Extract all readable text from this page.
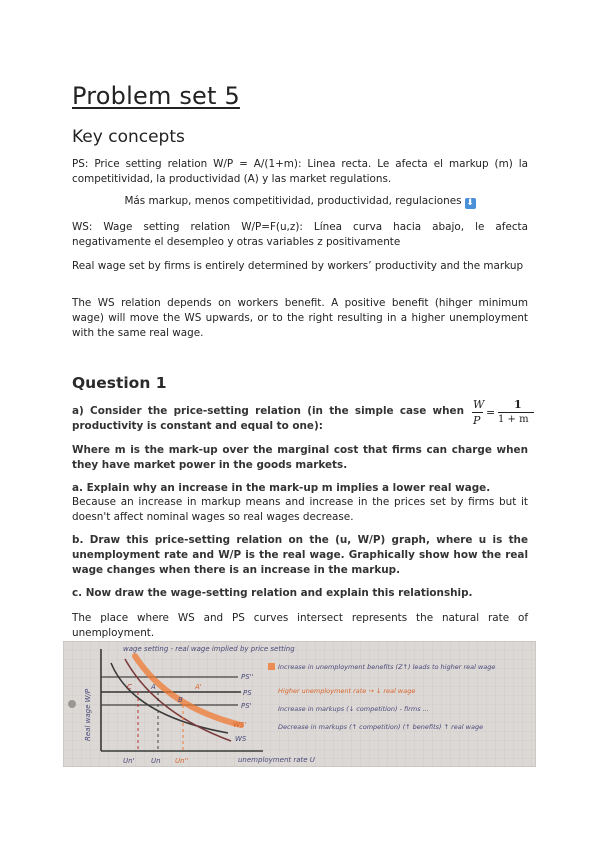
Problem set 5
Key concepts
PS: Price setting relation W/P = A/(1+m): Linea recta. Le afecta el markup (m) la competitividad, la productividad (A) y las market regulations.
Más markup, menos competitividad, productividad, regulaciones ⬇
WS: Wage setting relation W/P=F(u,z): Línea curva hacia abajo, le afecta negativamente el desempleo y otras variables z positivamente
Real wage set by firms is entirely determined by workers’ productivity and the markup
The WS relation depends on workers benefit. A positive benefit (hihger minimum wage) will move the WS upwards, or to the right resulting in a higher unemployment with the same real wage.
Question 1
a) Consider the price-setting relation (in the simple case when productivity is constant and equal to one):
W
P
=
1
1 + m
Where m is the mark-up over the marginal cost that firms can charge when they have market power in the goods markets.
a. Explain why an increase in the mark-up m implies a lower real wage.
Because an increase in markup means and increase in the prices set by firms but it doesn't affect nominal wages so real wages decrease.
b. Draw this price-setting relation on the (u, W/P) graph, where u is the unemployment rate and W/P is the real wage. Graphically show how the real wage changes when there is an increase in the markup.
c. Now draw the wage-setting relation and explain this relationship.
The place where WS and PS curves intersect represents the natural rate of unemployment.
wage setting - real wage implied by price setting
Real wage W/P
unemployment rate U
Un' Un Un''
PS''
PS
PS'
WS'
WS
C	A
B
A'
Increase in unemployment benefits (Z↑) leads to higher real wage
Higher unemployment rate → ↓ real wage
Increase in markups (↓ competition) - firms ...
Decrease in markups (↑ competition) (↑ benefits) ↑ real wage
